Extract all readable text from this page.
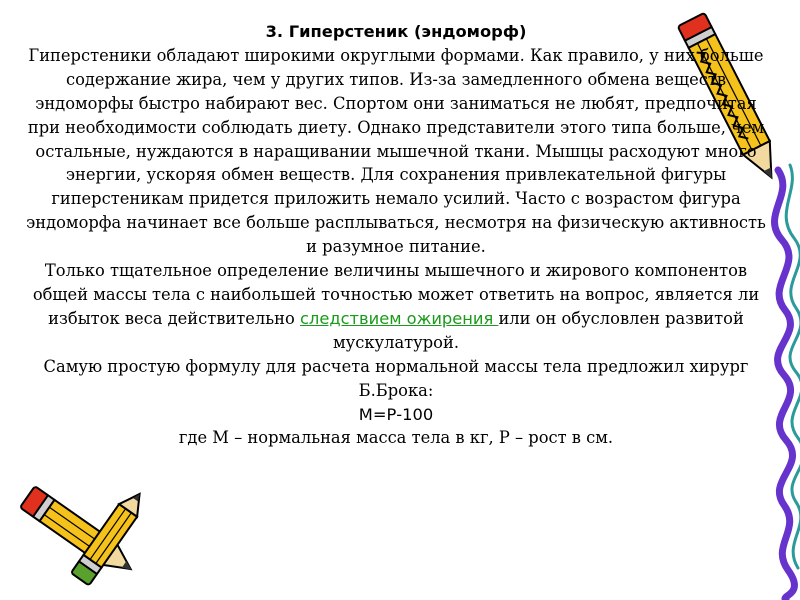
3. Гиперстеник (эндоморф)

Гиперстеники обладают широкими округлыми формами. Как правило, у них больше содержание жира, чем у других типов. Из-за замедленного обмена веществ эндоморфы быстро набирают вес. Спортом они заниматься не любят, предпочитая при необходимости соблюдать диету. Однако представители этого типа больше, чем остальные, нуждаются в наращивании мышечной ткани. Мышцы расходуют много энергии, ускоряя обмен веществ. Для сохранения привлекательной фигуры гиперстеникам придется приложить немало усилий. Часто с возрастом фигура эндоморфа начинает все больше расплываться, несмотря на физическую активность и разумное питание.

Только тщательное определение величины мышечного и жирового компонентов общей массы тела с наибольшей точностью может ответить на вопрос, является ли избыток веса действительно следствием ожирения или он обусловлен развитой мускулатурой.

Самую простую формулу для расчета нормальной массы тела предложил хирург Б.Брока:

М=Р-100

где М – нормальная масса тела в кг, Р – рост в см.
